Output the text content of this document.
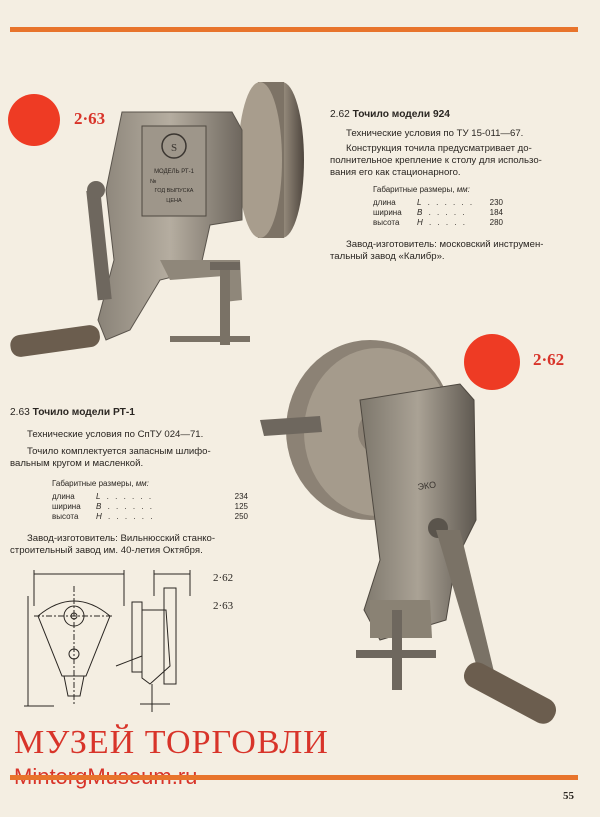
2·63
S
МОДЕЛЬ РТ-1
№
ГОД ВЫПУСКА
ЦЕНА
2.62 Точило модели 924

Технические условия по ТУ 15-011—67.

Конструкция точила предусматривает до-

полнительное крепление к столу для использо-

вания его как стационарного.

Габаритные размеры, мм:
длина	L . . . . . .	230
ширина	B . . . . .	184
высота	H . . . . .	280

Завод-изготовитель: московский инструмен-

тальный завод «Калибр».

2·62
ЭКО
2.63 Точило модели РТ-1

Технические условия по СпТУ 024—71.

Точило комплектуется запасным шлифо-

вальным кругом и масленкой.

Габаритные размеры, мм:
длина	L . . . . . .	234
ширина	B . . . . . .	125
высота	H . . . . . .	250

Завод-изготовитель: Вильнюсский станко-

строительный завод им. 40-летия Октября.

2·62
2·63
МУЗЕЙ ТОРГОВЛИ
55
